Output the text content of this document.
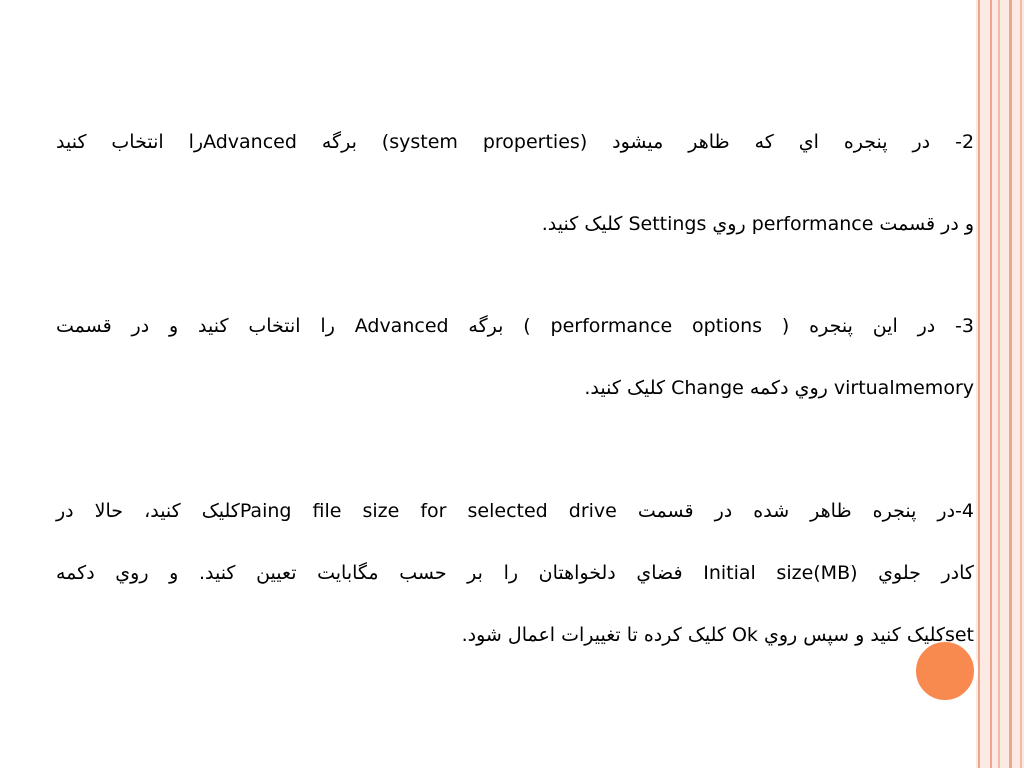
2- در پنجره اي كه ظاهر ميشود (system properties) برگه Advancedرا انتخاب كنيد
و در قسمت performance روي Settings كليک كنيد.
3- در اين پنجره ( performance options ) برگه Advanced را انتخاب كنيد و در قسمت
virtualmemory روي دكمه Change كليک كنيد.
4-در پنجره ظاهر شده در قسمت Paing file size for selected driveكليک كنيد، حالا در
كادر جلوي Initial size(MB) فضاي دلخواهتان را بر حسب مگابايت تعيين كنيد. و روي دكمه
setكليک كنيد و سپس روي Ok كليک كرده تا تغييرات اعمال شود.
